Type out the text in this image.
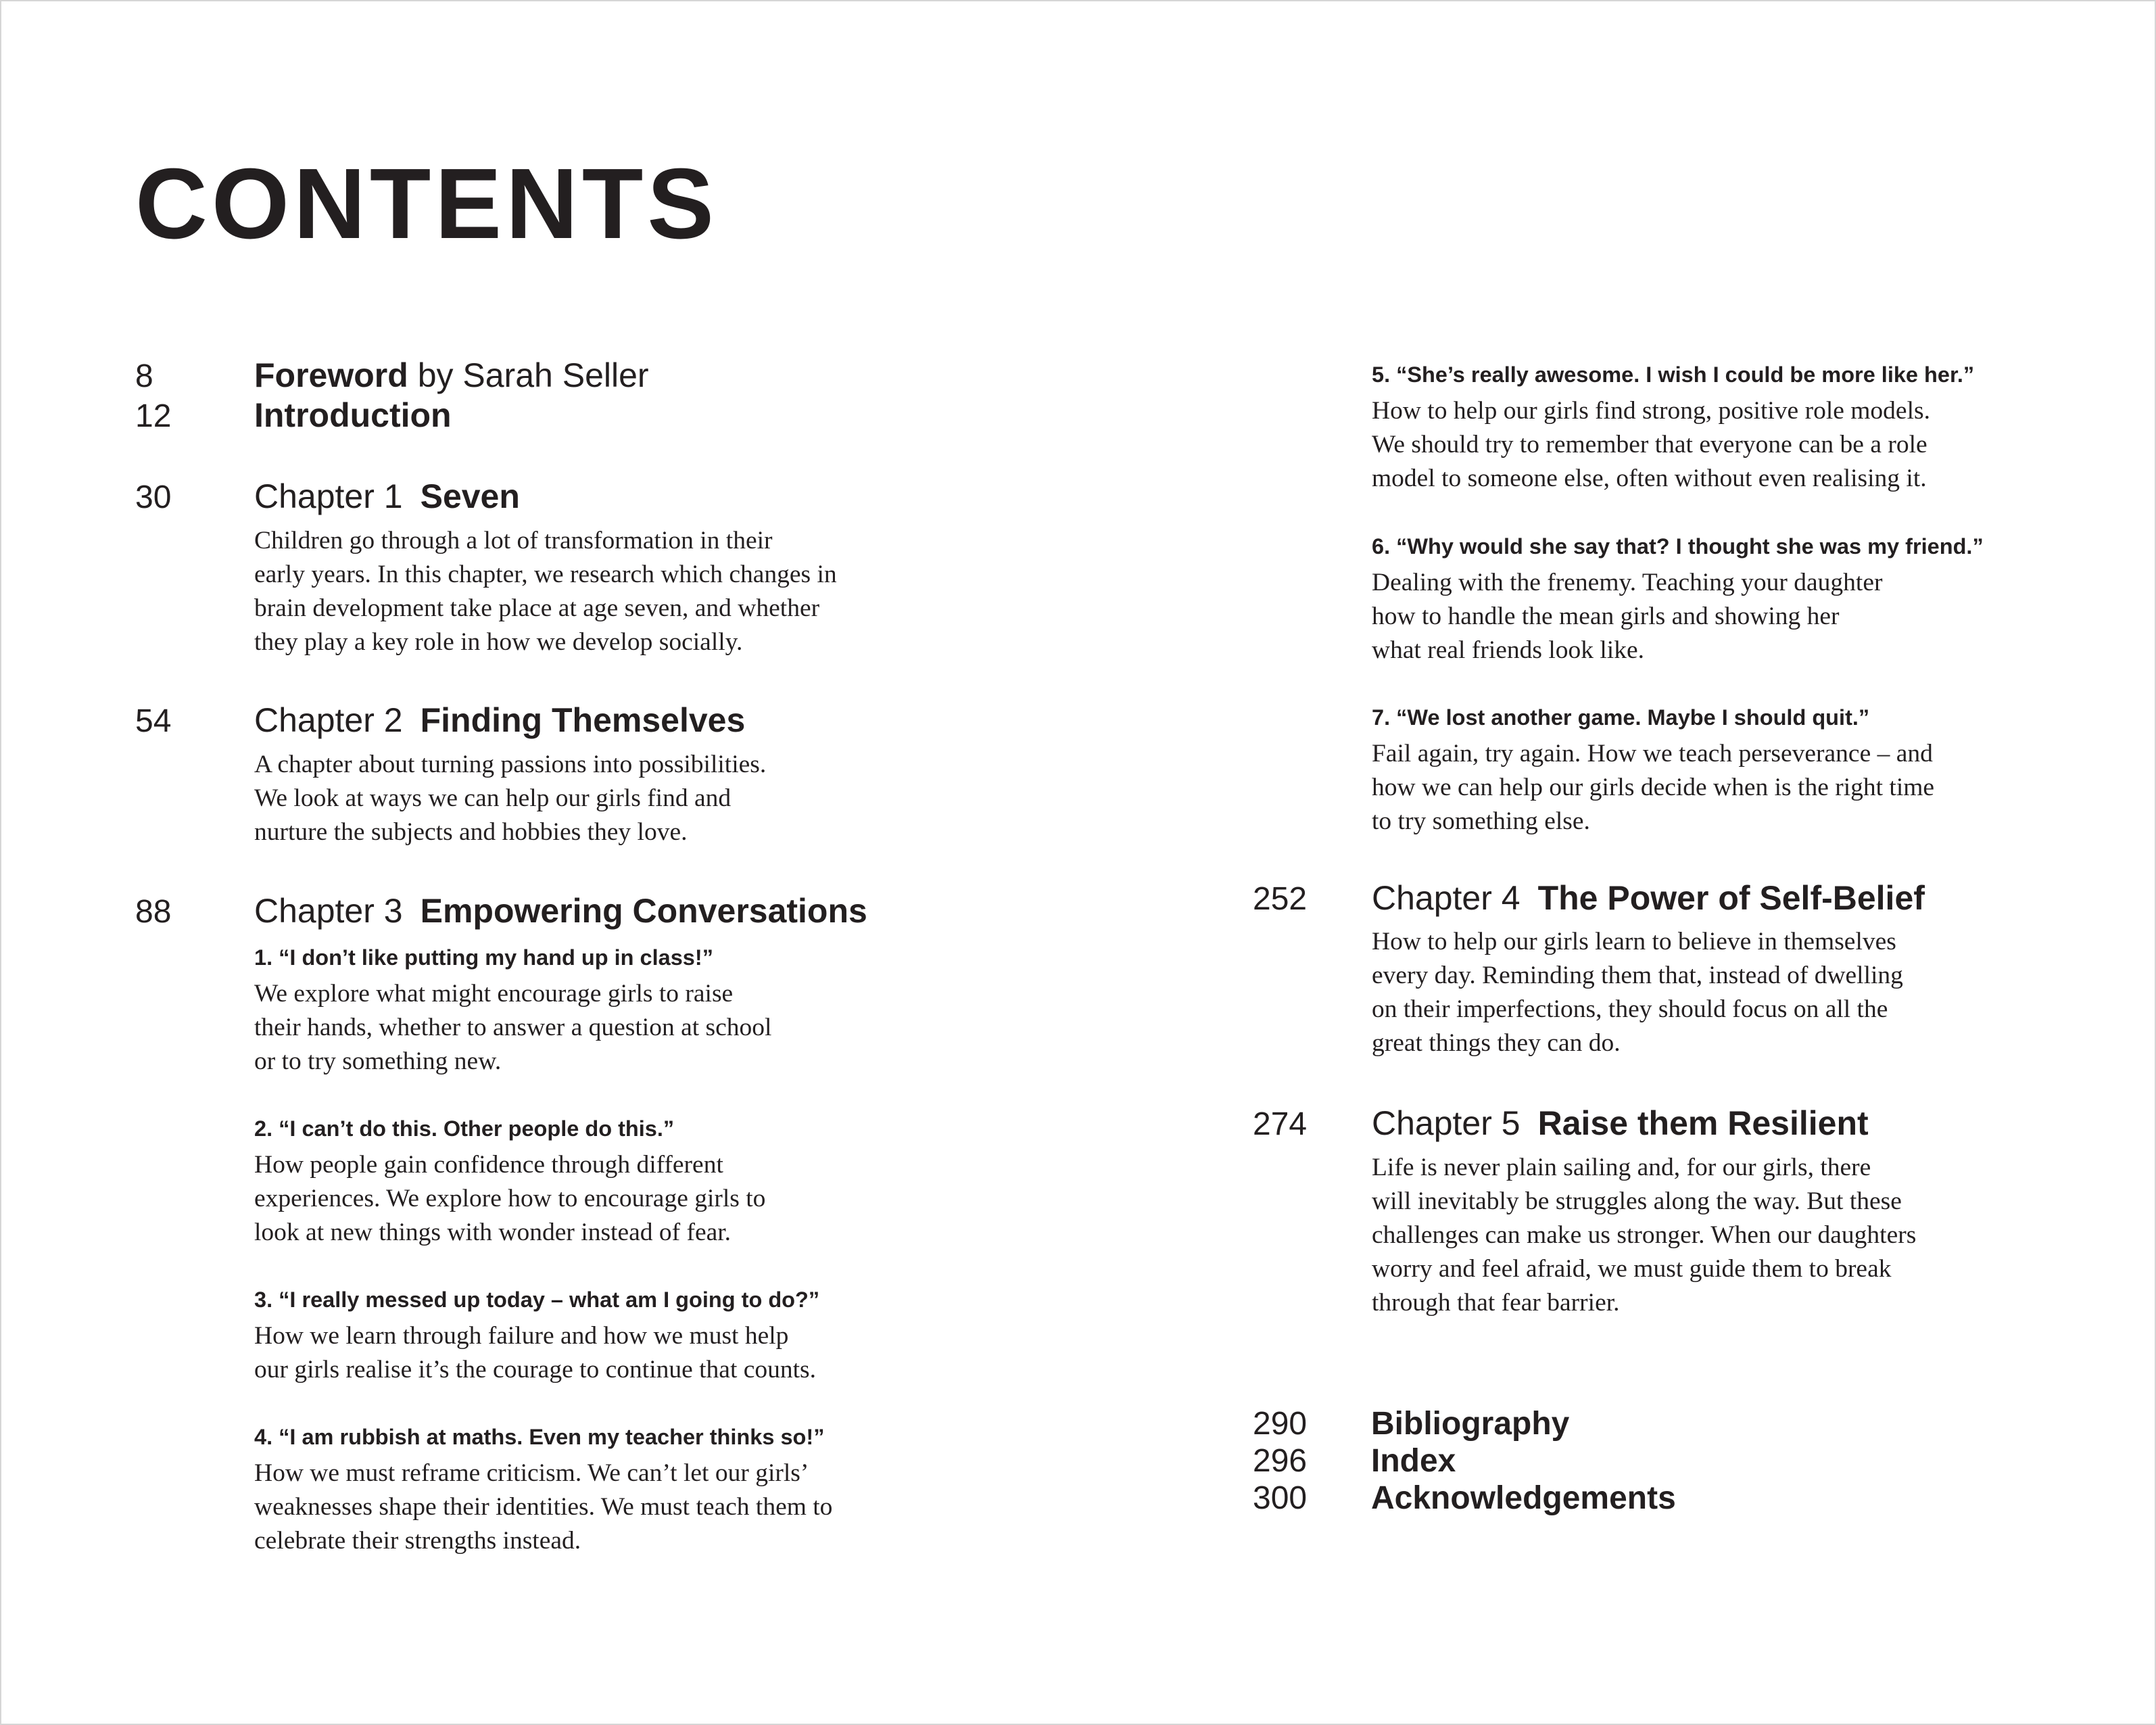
CONTENTS
8	Foreword by Sarah Seller
12 Introduction
30 Chapter 1 Seven

Children go through a lot of transformation in their
early years. In this chapter, we research which changes in
brain development take place at age seven, and whether
they play a key role in how we develop socially.

54 Chapter 2 Finding Themselves

A chapter about turning passions into possibilities.
We look at ways we can help our girls find and
nurture the subjects and hobbies they love.

88 Chapter 3 Empowering Conversations
1. “I don’t like putting my hand up in class!”

We explore what might encourage girls to raise
their hands, whether to answer a question at school
or to try something new.

2. “I can’t do this. Other people do this.”

How people gain confidence through different
experiences. We explore how to encourage girls to
look at new things with wonder instead of fear.

3. “I really messed up today – what am I going to do?”

How we learn through failure and how we must help
our girls realise it’s the courage to continue that counts.

4. “I am rubbish at maths. Even my teacher thinks so!”

How we must reframe criticism. We can’t let our girls’
weaknesses shape their identities. We must teach them to
celebrate their strengths instead.

5. “She’s really awesome. I wish I could be more like her.”

How to help our girls find strong, positive role models.
We should try to remember that everyone can be a role
model to someone else, often without even realising it.

6. “Why would she say that? I thought she was my friend.”

Dealing with the frenemy. Teaching your daughter
how to handle the mean girls and showing her
what real friends look like.

7. “We lost another game. Maybe I should quit.”

Fail again, try again. How we teach perseverance – and
how we can help our girls decide when is the right time
to try something else.

252 Chapter 4 The Power of Self-Belief

How to help our girls learn to believe in themselves
every day. Reminding them that, instead of dwelling
on their imperfections, they should focus on all the
great things they can do.

274 Chapter 5 Raise them Resilient

Life is never plain sailing and, for our girls, there
will inevitably be struggles along the way. But these
challenges can make us stronger. When our daughters
worry and feel afraid, we must guide them to break
through that fear barrier.

290	Bibliography
296	Index
300	Acknowledgements
